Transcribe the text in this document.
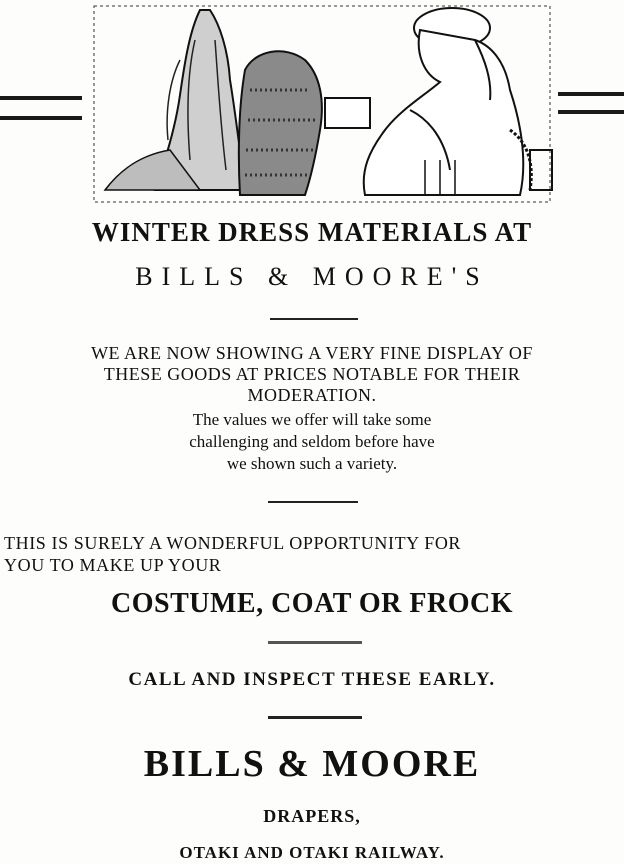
WINTER DRESS MATERIALS AT
BILLS & MOORE'S
WE ARE NOW SHOWING A VERY FINE DISPLAY OF
THESE GOODS AT PRICES NOTABLE FOR THEIR
MODERATION.
The values we offer will take some
challenging and seldom before have
we shown such a variety.
THIS IS SURELY A WONDERFUL OPPORTUNITY FOR
YOU TO MAKE UP YOUR
COSTUME, COAT OR FROCK
CALL AND INSPECT THESE EARLY.
BILLS & MOORE
DRAPERS,
OTAKI AND OTAKI RAILWAY.
